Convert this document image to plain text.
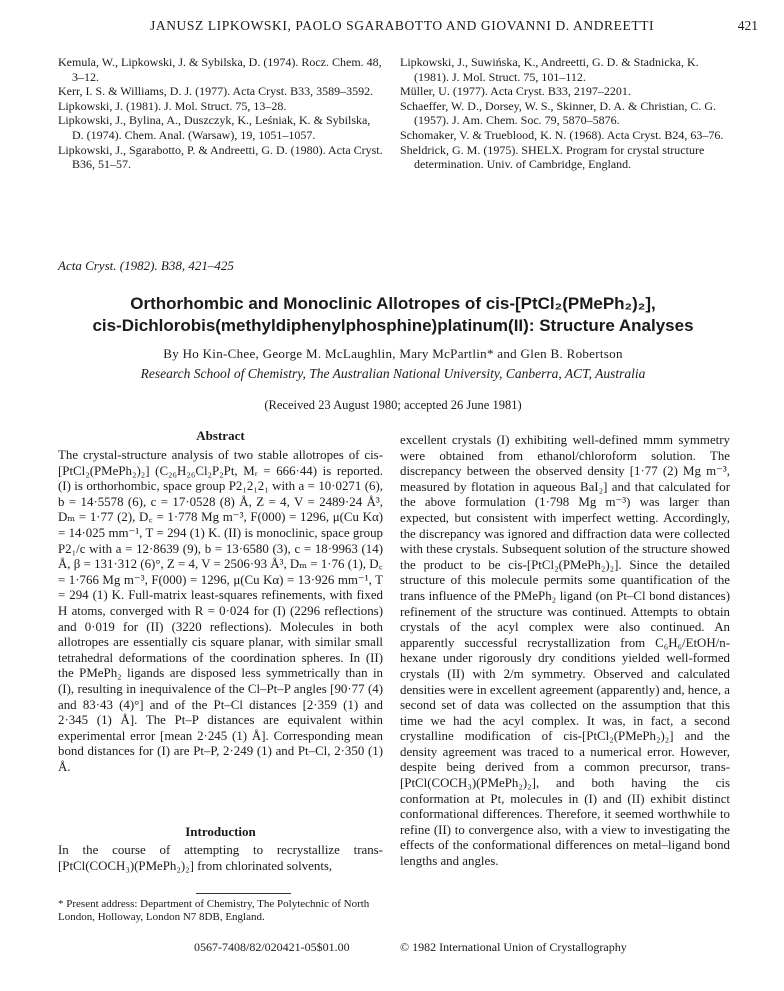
JANUSZ LIPKOWSKI, PAOLO SGARABOTTO AND GIOVANNI D. ANDREETTI	421
Kemula, W., Lipkowski, J. & Sybilska, D. (1974). Rocz. Chem. 48, 3–12.
Kerr, I. S. & Williams, D. J. (1977). Acta Cryst. B33, 3589–3592.
Lipkowski, J. (1981). J. Mol. Struct. 75, 13–28.
Lipkowski, J., Bylina, A., Duszczyk, K., Leśniak, K. & Sybilska, D. (1974). Chem. Anal. (Warsaw), 19, 1051–1057.
Lipkowski, J., Sgarabotto, P. & Andreetti, G. D. (1980). Acta Cryst. B36, 51–57.
Lipkowski, J., Suwińska, K., Andreetti, G. D. & Stadnicka, K. (1981). J. Mol. Struct. 75, 101–112.
Müller, U. (1977). Acta Cryst. B33, 2197–2201.
Schaeffer, W. D., Dorsey, W. S., Skinner, D. A. & Christian, C. G. (1957). J. Am. Chem. Soc. 79, 5870–5876.
Schomaker, V. & Trueblood, K. N. (1968). Acta Cryst. B24, 63–76.
Sheldrick, G. M. (1975). SHELX. Program for crystal structure determination. Univ. of Cambridge, England.
Acta Cryst. (1982). B38, 421–425
Orthorhombic and Monoclinic Allotropes of cis-[PtCl₂(PMePh₂)₂],
cis-Dichlorobis(methyldiphenylphosphine)platinum(II): Structure Analyses
By Ho Kin-Chee, George M. McLaughlin, Mary McPartlin* and Glen B. Robertson
Research School of Chemistry, The Australian National University, Canberra, ACT, Australia
(Received 23 August 1980; accepted 26 June 1981)
Abstract

The crystal-structure analysis of two stable allotropes of cis-[PtCl₂(PMePh₂)₂] (C₂₆H₂₆Cl₂P₂Pt, Mᵣ = 666·44) is reported. (I) is orthorhombic, space group P2₁2₁2₁ with a = 10·0271 (6), b = 14·5578 (6), c = 17·0528 (8) Å, Z = 4, V = 2489·24 Å³, Dₘ = 1·77 (2), D꜀ = 1·778 Mg m⁻³, F(000) = 1296, μ(Cu Kα) = 14·025 mm⁻¹, T = 294 (1) K. (II) is monoclinic, space group P2₁/c with a = 12·8639 (9), b = 13·6580 (3), c = 18·9963 (14) Å, β = 131·312 (6)°, Z = 4, V = 2506·93 Å³, Dₘ = 1·76 (1), D꜀ = 1·766 Mg m⁻³, F(000) = 1296, μ(Cu Kα) = 13·926 mm⁻¹, T = 294 (1) K. Full-matrix least-squares refinements, with fixed H atoms, converged with R = 0·024 for (I) (2296 reflections) and 0·019 for (II) (3220 reflections). Molecules in both allotropes are essentially cis square planar, with similar small tetrahedral deformations of the coordination spheres. In (II) the PMePh₂ ligands are disposed less symmetrically than in (I), resulting in inequivalence of the Cl–Pt–P angles [90·77 (4) and 83·43 (4)°] and of the Pt–Cl distances [2·359 (1) and 2·345 (1) Å]. The Pt–P distances are equivalent within experimental error [mean 2·245 (1) Å]. Corresponding mean bond distances for (I) are Pt–P, 2·249 (1) and Pt–Cl, 2·350 (1) Å.

Introduction

In the course of attempting to recrystallize trans-[PtCl(COCH₃)(PMePh₂)₂] from chlorinated solvents,

excellent crystals (I) exhibiting well-defined mmm symmetry were obtained from ethanol/chloroform solution. The discrepancy between the observed density [1·77 (2) Mg m⁻³, measured by flotation in aqueous BaI₂] and that calculated for the above formulation (1·798 Mg m⁻³) was larger than expected, but consistent with imperfect wetting. Accordingly, the discrepancy was ignored and diffraction data were collected with these crystals. Subsequent solution of the structure showed the product to be cis-[PtCl₂(PMePh₂)₂]. Since the detailed structure of this molecule permits some quantification of the trans influence of the PMePh₂ ligand (on Pt–Cl bond distances) refinement of the structure was continued. Attempts to obtain crystals of the acyl complex were also continued. An apparently successful recrystallization from C₆H₆/EtOH/n-hexane under rigorously dry conditions yielded well-formed crystals (II) with 2/m symmetry. Observed and calculated densities were in excellent agreement (apparently) and, hence, a second set of data was collected on the assumption that this time we had the acyl complex. It was, in fact, a second crystalline modification of cis-[PtCl₂(PMePh₂)₂] and the density agreement was traced to a numerical error. However, despite being derived from a common precursor, trans-[PtCl(COCH₃)(PMePh₂)₂], and both having the cis conformation at Pt, molecules in (I) and (II) exhibit distinct conformational differences. Therefore, it seemed worthwhile to refine (II) to convergence also, with a view to investigating the effects of the conformational differences on metal–ligand bond lengths and angles.

* Present address: Department of Chemistry, The Polytechnic of North London, Holloway, London N7 8DB, England.
0567-7408/82/020421-05$01.00	© 1982 International Union of Crystallography
